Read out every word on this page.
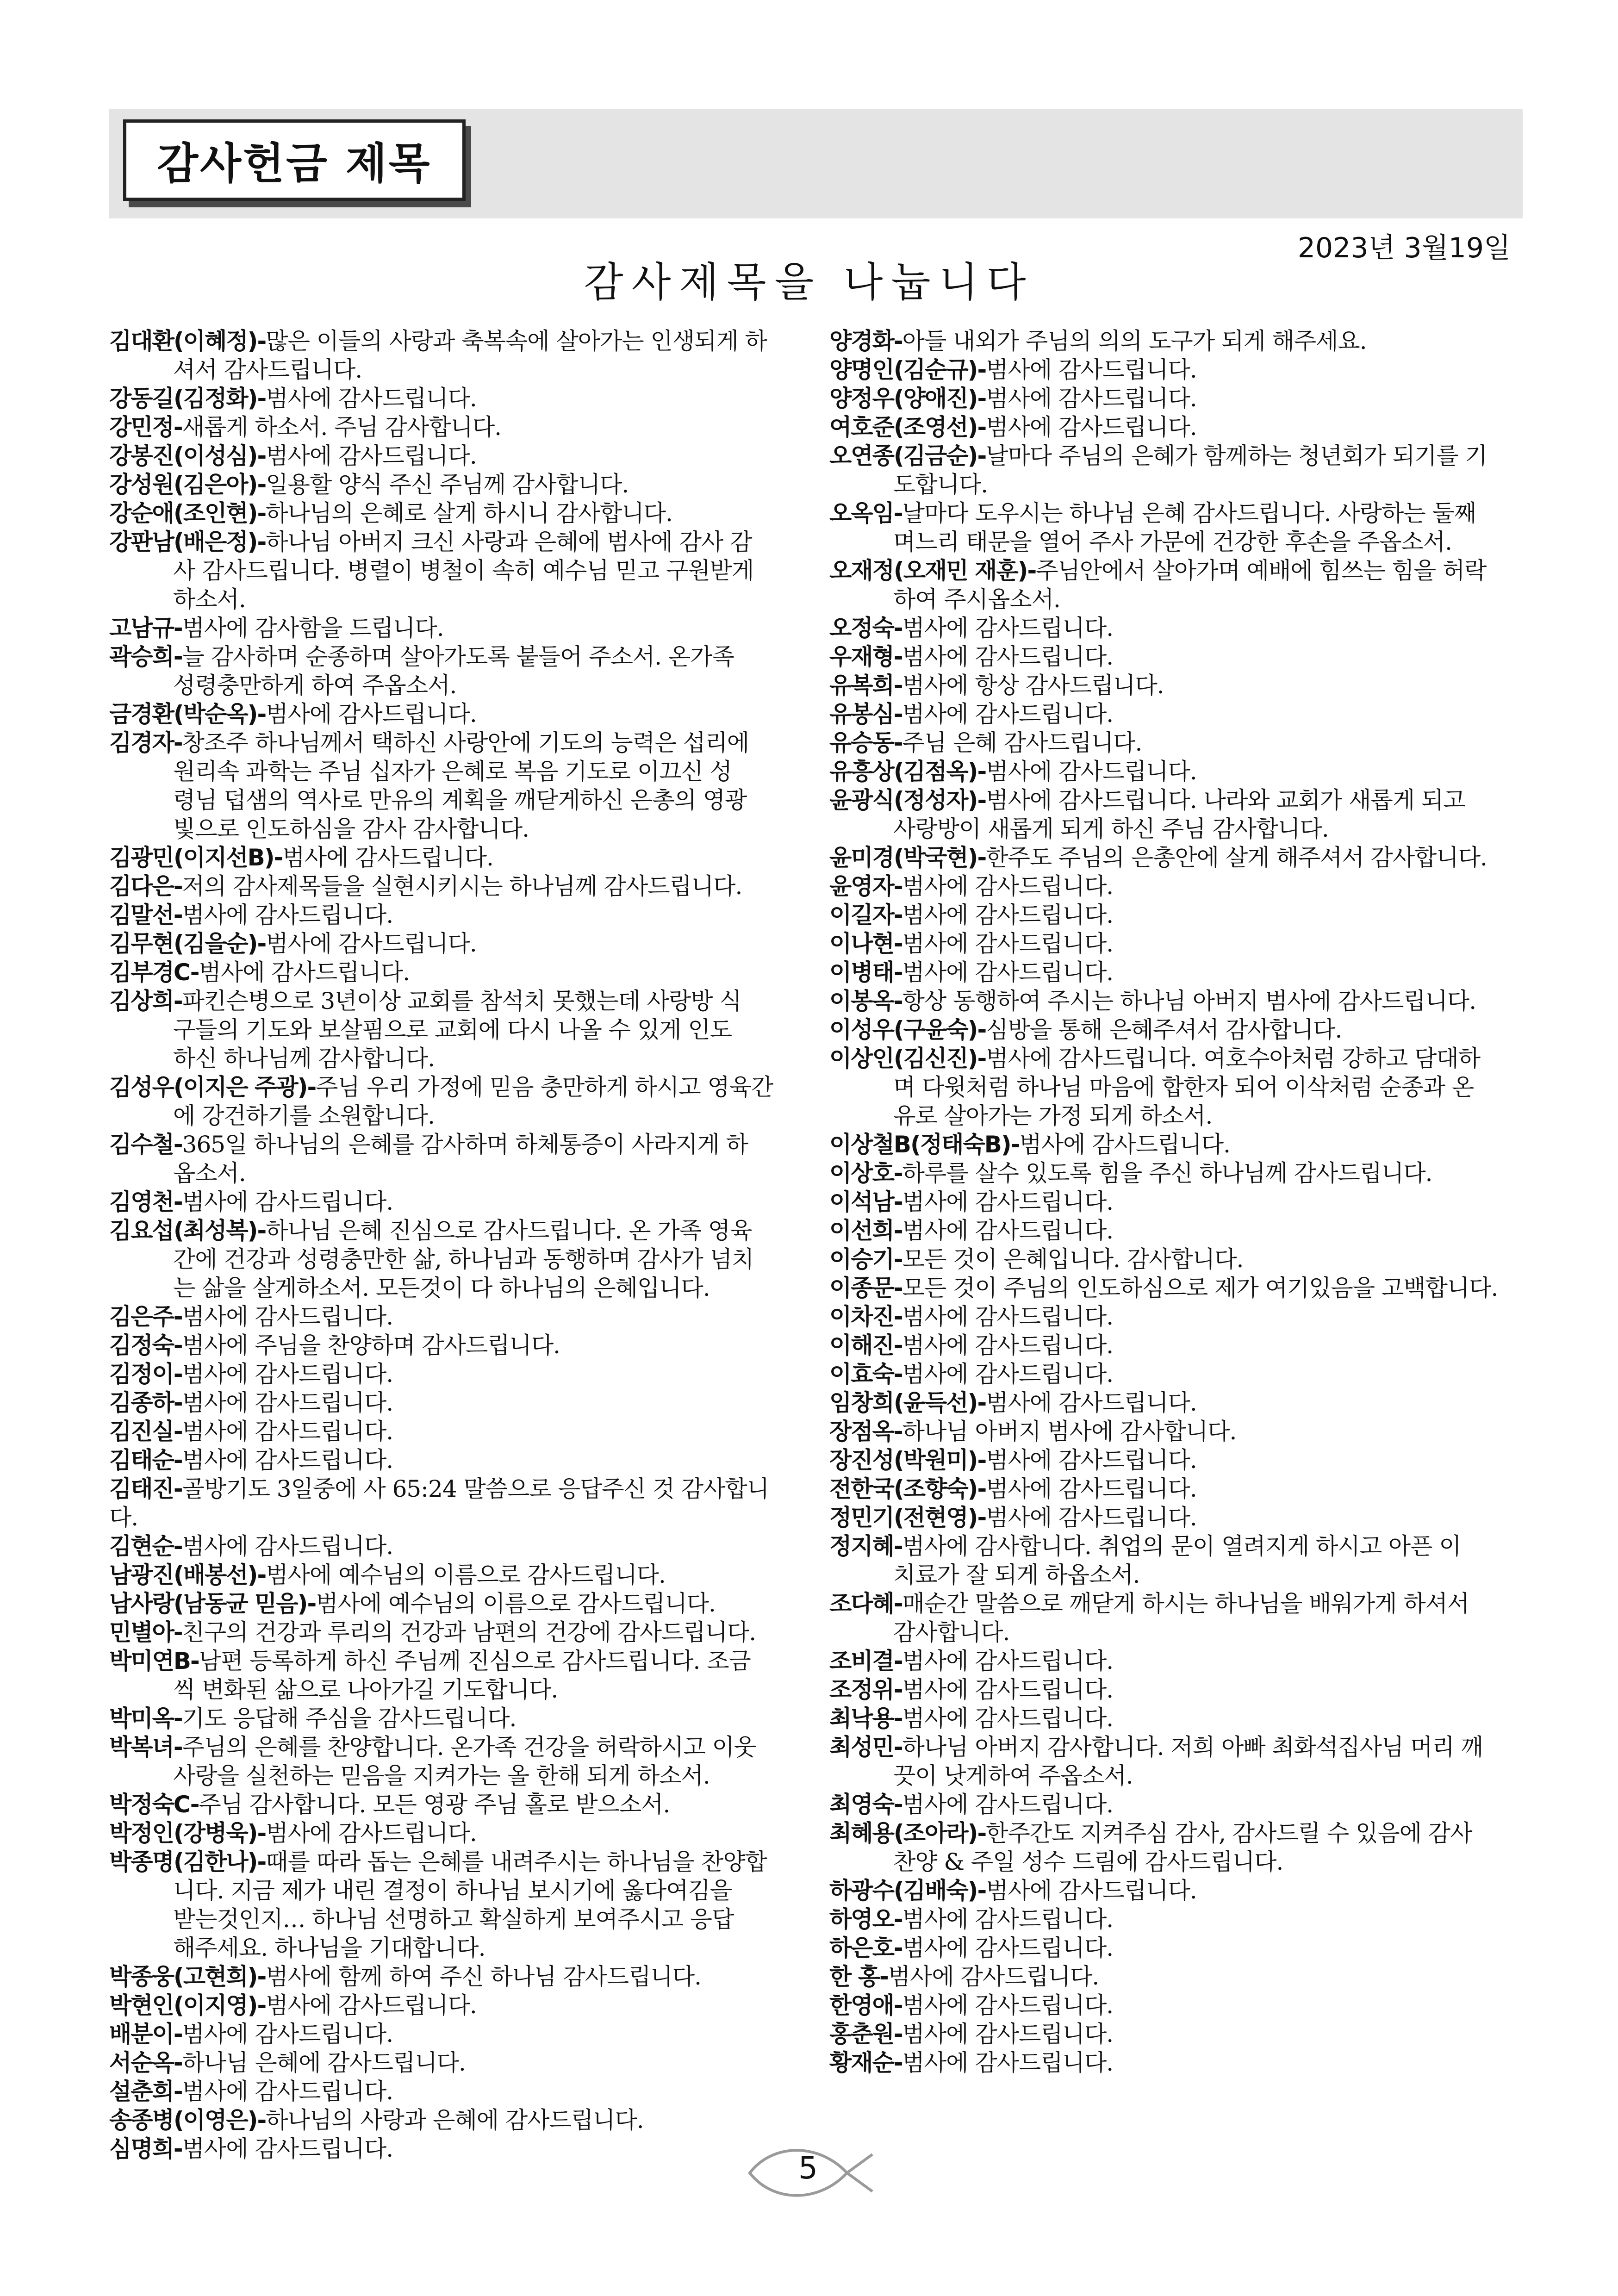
감사헌금 제목
2023년 3월19일
감사제목을 나눕니다
김대환(이혜정)-많은 이들의 사랑과 축복속에 살아가는 인생되게 하
셔서 감사드립니다.
강동길(김정화)-범사에 감사드립니다.
강민정-새롭게 하소서. 주님 감사합니다.
강봉진(이성심)-범사에 감사드립니다.
강성원(김은아)-일용할 양식 주신 주님께 감사합니다.
강순애(조인현)-하나님의 은혜로 살게 하시니 감사합니다.
강판남(배은정)-하나님 아버지 크신 사랑과 은혜에 범사에 감사 감
사 감사드립니다. 병렬이 병철이 속히 예수님 믿고 구원받게
하소서.
고남규-범사에 감사함을 드립니다.
곽승희-늘 감사하며 순종하며 살아가도록 붙들어 주소서. 온가족
성령충만하게 하여 주옵소서.
금경환(박순옥)-범사에 감사드립니다.
김경자-창조주 하나님께서 택하신 사랑안에 기도의 능력은 섭리에
원리속 과학는 주님 십자가 은혜로 복음 기도로 이끄신 성
령님 덥샘의 역사로 만유의 계획을 깨닫게하신 은총의 영광
빛으로 인도하심을 감사 감사합니다.
김광민(이지선B)-범사에 감사드립니다.
김다은-저의 감사제목들을 실현시키시는 하나님께 감사드립니다.
김말선-범사에 감사드립니다.
김무현(김을순)-범사에 감사드립니다.
김부경C-범사에 감사드립니다.
김상희-파킨슨병으로 3년이상 교회를 참석치 못했는데 사랑방 식
구들의 기도와 보살핌으로 교회에 다시 나올 수 있게 인도
하신 하나님께 감사합니다.
김성우(이지은 주광)-주님 우리 가정에 믿음 충만하게 하시고 영육간
에 강건하기를 소원합니다.
김수철-365일 하나님의 은혜를 감사하며 하체통증이 사라지게 하
옵소서.
김영천-범사에 감사드립니다.
김요섭(최성복)-하나님 은혜 진심으로 감사드립니다. 온 가족 영육
간에 건강과 성령충만한 삶, 하나님과 동행하며 감사가 넘치
는 삶을 살게하소서. 모든것이 다 하나님의 은혜입니다.
김은주-범사에 감사드립니다.
김정숙-범사에 주님을 찬양하며 감사드립니다.
김정이-범사에 감사드립니다.
김종하-범사에 감사드립니다.
김진실-범사에 감사드립니다.
김태순-범사에 감사드립니다.
김태진-골방기도 3일중에 사 65:24 말씀으로 응답주신 것 감사합니다.
김현순-범사에 감사드립니다.
남광진(배봉선)-범사에 예수님의 이름으로 감사드립니다.
남사랑(남동균 믿음)-범사에 예수님의 이름으로 감사드립니다.
민별아-친구의 건강과 루리의 건강과 남편의 건강에 감사드립니다.
박미연B-남편 등록하게 하신 주님께 진심으로 감사드립니다. 조금
씩 변화된 삶으로 나아가길 기도합니다.
박미옥-기도 응답해 주심을 감사드립니다.
박복녀-주님의 은혜를 찬양합니다. 온가족 건강을 허락하시고 이웃
사랑을 실천하는 믿음을 지켜가는 올 한해 되게 하소서.
박정숙C-주님 감사합니다. 모든 영광 주님 홀로 받으소서.
박정인(강병욱)-범사에 감사드립니다.
박종명(김한나)-때를 따라 돕는 은혜를 내려주시는 하나님을 찬양합
니다. 지금 제가 내린 결정이 하나님 보시기에 옳다여김을
받는것인지… 하나님 선명하고 확실하게 보여주시고 응답
해주세요. 하나님을 기대합니다.
박종웅(고현희)-범사에 함께 하여 주신 하나님 감사드립니다.
박현인(이지영)-범사에 감사드립니다.
배분이-범사에 감사드립니다.
서순옥-하나님 은혜에 감사드립니다.
설춘희-범사에 감사드립니다.
송종병(이영은)-하나님의 사랑과 은혜에 감사드립니다.
심명희-범사에 감사드립니다.
양경화-아들 내외가 주님의 의의 도구가 되게 해주세요.
양명인(김순규)-범사에 감사드립니다.
양정우(양애진)-범사에 감사드립니다.
여호준(조영선)-범사에 감사드립니다.
오연종(김금순)-날마다 주님의 은혜가 함께하는 청년회가 되기를 기
도합니다.
오옥임-날마다 도우시는 하나님 은혜 감사드립니다. 사랑하는 둘째
며느리 태문을 열어 주사 가문에 건강한 후손을 주옵소서.
오재정(오재민 재훈)-주님안에서 살아가며 예배에 힘쓰는 힘을 허락
하여 주시옵소서.
오정숙-범사에 감사드립니다.
우재형-범사에 감사드립니다.
유복희-범사에 항상 감사드립니다.
유봉심-범사에 감사드립니다.
유승동-주님 은혜 감사드립니다.
유흥상(김점옥)-범사에 감사드립니다.
윤광식(정성자)-범사에 감사드립니다. 나라와 교회가 새롭게 되고
사랑방이 새롭게 되게 하신 주님 감사합니다.
윤미경(박국현)-한주도 주님의 은총안에 살게 해주셔서 감사합니다.
윤영자-범사에 감사드립니다.
이길자-범사에 감사드립니다.
이나현-범사에 감사드립니다.
이병태-범사에 감사드립니다.
이봉옥-항상 동행하여 주시는 하나님 아버지 범사에 감사드립니다.
이성우(구윤숙)-심방을 통해 은혜주셔서 감사합니다.
이상인(김신진)-범사에 감사드립니다. 여호수아처럼 강하고 담대하
며 다윗처럼 하나님 마음에 합한자 되어 이삭처럼 순종과 온
유로 살아가는 가정 되게 하소서.
이상철B(정태숙B)-범사에 감사드립니다.
이상호-하루를 살수 있도록 힘을 주신 하나님께 감사드립니다.
이석남-범사에 감사드립니다.
이선희-범사에 감사드립니다.
이승기-모든 것이 은혜입니다. 감사합니다.
이종문-모든 것이 주님의 인도하심으로 제가 여기있음을 고백합니다.
이차진-범사에 감사드립니다.
이해진-범사에 감사드립니다.
이효숙-범사에 감사드립니다.
임창희(윤득선)-범사에 감사드립니다.
장점옥-하나님 아버지 범사에 감사합니다.
장진성(박원미)-범사에 감사드립니다.
전한국(조향숙)-범사에 감사드립니다.
정민기(전현영)-범사에 감사드립니다.
정지혜-범사에 감사합니다. 취업의 문이 열려지게 하시고 아픈 이
치료가 잘 되게 하옵소서.
조다혜-매순간 말씀으로 깨닫게 하시는 하나님을 배워가게 하셔서
감사합니다.
조비결-범사에 감사드립니다.
조정위-범사에 감사드립니다.
최낙용-범사에 감사드립니다.
최성민-하나님 아버지 감사합니다. 저희 아빠 최화석집사님 머리 깨
끗이 낫게하여 주옵소서.
최영숙-범사에 감사드립니다.
최혜용(조아라)-한주간도 지켜주심 감사, 감사드릴 수 있음에 감사
찬양 & 주일 성수 드림에 감사드립니다.
하광수(김배숙)-범사에 감사드립니다.
하영오-범사에 감사드립니다.
하은호-범사에 감사드립니다.
한 홍-범사에 감사드립니다.
한영애-범사에 감사드립니다.
홍춘원-범사에 감사드립니다.
황재순-범사에 감사드립니다.
5
